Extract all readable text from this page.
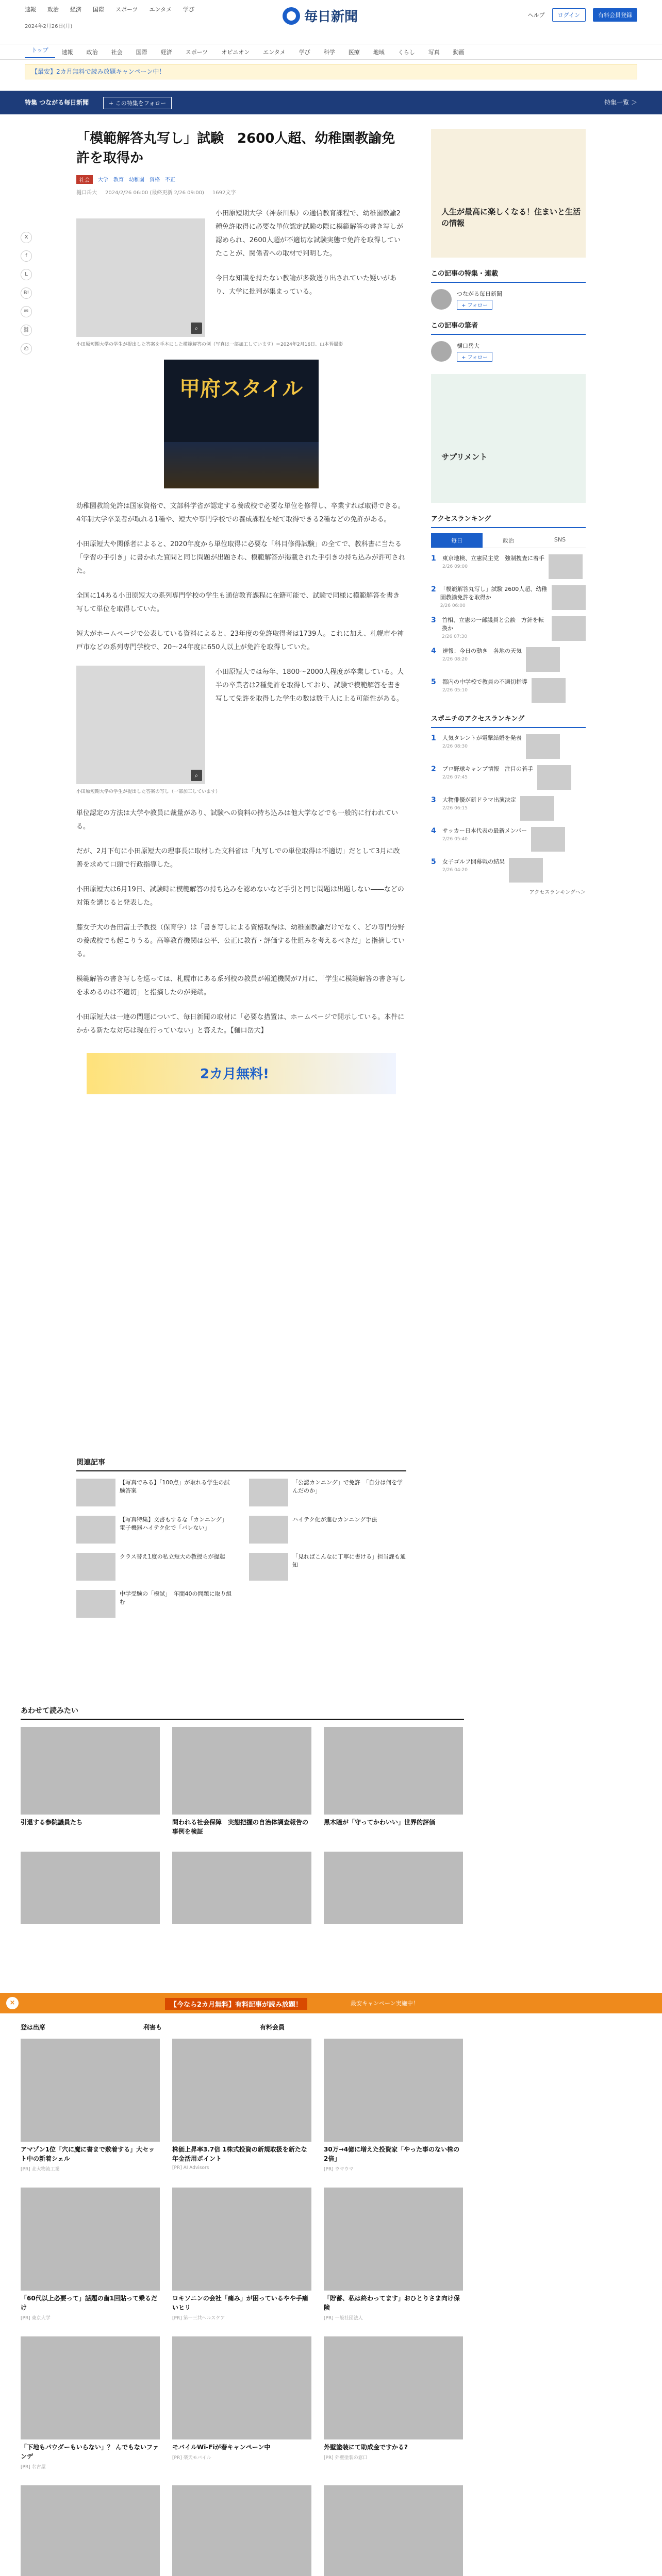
速報 政治 経済 国際 スポーツ エンタメ 学び
2024年2月26日(月)
毎日新聞	ヘルプ	ログイン	有料会員登録
トップ	速報	政治	社会	国際	経済	スポーツ	オピニオン	エンタメ	学び	科学	医療	地域	くらし	写真	動画
【最安】2カ月無料で読み放題キャンペーン中！
特集 つながる毎日新聞	+ この特集をフォロー	特集一覧 ＞
X
f
L
B!
✉
⛓
⎙
「模範解答丸写し」試験　2600人超、幼稚園教諭免許を取得か
社会	大学 教育 幼稚園 資格 不正
樋口岳大 2024/2/26 06:00 (最終更新 2/26 09:00) 1692文字
⌕

小田原短期大学（神奈川県）の通信教育課程で、幼稚園教諭2種免許取得に必要な単位認定試験の際に模範解答の書き写しが認められ、2600人超が不適切な試験実態で免許を取得していたことが、関係者への取材で判明した。

今日な知識を持たない教諭が多数送り出されていた疑いがあり、大学に批判が集まっている。

小田原短期大学の学生が提出した答案を手本にした模範解答の例（写真は一部加工しています）＝2024年2月16日、山本晋撮影
甲府スタイル

幼稚園教諭免許は国家資格で、文部科学省が認定する養成校で必要な単位を修得し、卒業すれば取得できる。4年制大学卒業者が取れる1種や、短大や専門学校での養成課程を経て取得できる2種などの免許がある。

小田原短大や関係者によると、2020年度から単位取得に必要な「科目修得試験」の全てで、教科書に当たる「学習の手引き」に書かれた質問と同じ問題が出題され、模範解答が掲載された手引きの持ち込みが許可された。

全国に14ある小田原短大の系列専門学校の学生も通信教育課程に在籍可能で、試験で同様に模範解答を書き写して単位を取得していた。

短大がホームページで公表している資料によると、23年度の免許取得者は1739人。これに加え、札幌市や神戸市などの系列専門学校で、20〜24年度に650人以上が免許を取得していた。

⌕

小田原短大では毎年、1800〜2000人程度が卒業している。大半の卒業者は2種免許を取得しており、試験で模範解答を書き写して免許を取得した学生の数は数千人に上る可能性がある。

小田原短期大学の学生が提出した答案の写し（一部加工しています）

単位認定の方法は大学や教員に裁量があり、試験への資料の持ち込みは他大学などでも一般的に行われている。

だが、2月下旬に小田原短大の理事長に取材した文科省は「丸写しでの単位取得は不適切」だとして3月に改善を求めて口頭で行政指導した。

小田原短大は6月19日、試験時に模範解答の持ち込みを認めないなど手引と同じ問題は出題しない――などの対策を講じると発表した。

藤女子大の吾田富士子教授（保育学）は「書き写しによる資格取得は、幼稚園教諭だけでなく、どの専門分野の養成校でも起こりうる。高等教育機関は公平、公正に教育・評価する仕組みを考えるべきだ」と指摘している。

模範解答の書き写しを巡っては、札幌市にある系列校の教員が報道機関が7月に、「学生に模範解答の書き写しを求めるのは不適切」と指摘したのが発端。

小田原短大は一連の問題について、毎日新聞の取材に「必要な措置は、ホームページで開示している。本件にかかる新たな対応は現在行っていない」と答えた。【樋口岳大】

2カ月無料!
人生が最高に楽しくなる！住まいと生活の情報
この記事の特集・連載
つながる毎日新聞
+ フォロー
この記事の筆者
樋口岳大
+ フォロー
サプリメント
アクセスランキング
毎日	政治	SNS
1	東京地検、立憲民主党　強制捜査に着手
2/26 09:00
2 「模範解答丸写し」試験 2600人超、幼稚園教諭免許を取得か
2/26 06:00
3 首相、立憲の一部議員と会談　方針を転換か
2/26 07:30
4	速報：今日の動き　各地の天気
2/26 08:20
5	都内の中学校で教員の不適切指導
2/26 05:10
スポニチのアクセスランキング
1	人気タレントが電撃結婚を発表
2/26 08:30
2	プロ野球キャンプ情報　注目の若手
2/26 07:45
3	大物俳優が新ドラマ出演決定
2/26 06:15
4	サッカー日本代表の最新メンバー
2/26 05:40
5	女子ゴルフ開幕戦の結果
2/26 04:20
アクセスランキングへ＞
関連記事
【写真でみる】「100点」が取れる学生の試験答案
「公認カンニング」で免許　「自分は何を学んだのか」
【写真特集】文書もするな「カンニング」　電子機器ハイテク化で「バレない」
ハイテク化が進むカンニング手法
クラス替え1度の私立短大の教授らが提起	「見ればこんなに丁寧に書ける」担当課も通知
中学受験の「模試」　年間40の問題に取り組む
あわせて読みたい
引退する参院議員たち	問われる社会保障　実態把握の自治体調査報告の事例を検証
黒木瞳が「守ってかわいい」世界的評価
×	【今なら2カ月無料】有料記事が読み放題！	最安キャンペーン実施中！
登は出席	利害も	有料会員
アマゾン1位「穴に魔に書まで敷着する」大セット中の新着シェル
[PR] 北大物流工業
株価上昇率3.7倍 1株式投資の新規取扱を新たな年金活用ポイント
[PR] AI Advisors
30万→4億に増えた投資家「やった事のない株の2倍」
[PR] ウマウマ
「60代以上必要って」話題の歯1回貼って乗るだけ
[PR] 東京大学
ロキソニンの会社「痛み」が困っているやや手痛いヒリ
[PR] 第一三共ヘルスケア
「貯蓄、私は終わってます」おひとりさま向け保険
[PR] 一般社団法人
「下地もパウダーもいらない」？ んでもないファンデ
[PR] 名古屋
モバイルWi-Fiが春キャンペーン中
[PR] 楽天モバイル
外壁塗装にて助成金ですかる?
[PR] 外壁塗装の窓口
